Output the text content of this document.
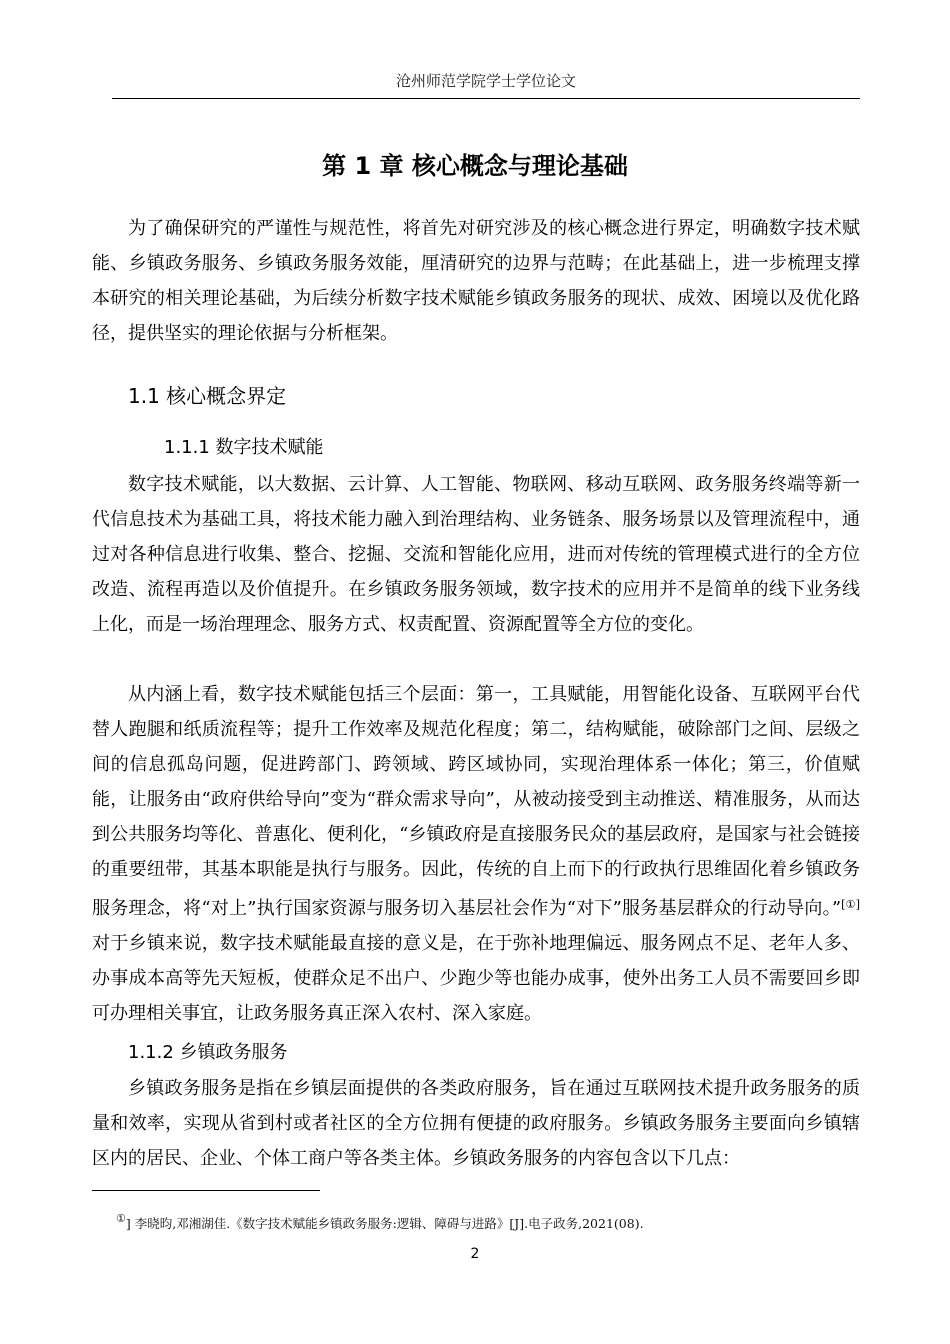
沧州师范学院学士学位论文
第 1 章 核心概念与理论基础

为了确保研究的严谨性与规范性，将首先对研究涉及的核心概念进行界定，明确数字技术赋能、乡镇政务服务、乡镇政务服务效能，厘清研究的边界与范畴；在此基础上，进一步梳理支撑本研究的相关理论基础，为后续分析数字技术赋能乡镇政务服务的现状、成效、困境以及优化路径，提供坚实的理论依据与分析框架。

1.1 核心概念界定
1.1.1 数字技术赋能

数字技术赋能，以大数据、云计算、人工智能、物联网、移动互联网、政务服务终端等新一代信息技术为基础工具，将技术能力融入到治理结构、业务链条、服务场景以及管理流程中，通过对各种信息进行收集、整合、挖掘、交流和智能化应用，进而对传统的管理模式进行的全方位改造、流程再造以及价值提升。在乡镇政务服务领域，数字技术的应用并不是简单的线下业务线上化，而是一场治理理念、服务方式、权责配置、资源配置等全方位的变化。

从内涵上看，数字技术赋能包括三个层面：第一，工具赋能，用智能化设备、互联网平台代替人跑腿和纸质流程等；提升工作效率及规范化程度；第二，结构赋能，破除部门之间、层级之间的信息孤岛问题，促进跨部门、跨领域、跨区域协同，实现治理体系一体化；第三，价值赋能，让服务由“政府供给导向”变为“群众需求导向”，从被动接受到主动推送、精准服务，从而达到公共服务均等化、普惠化、便利化，“乡镇政府是直接服务民众的基层政府，是国家与社会链接的重要纽带，其基本职能是执行与服务。因此，传统的自上而下的行政执行思维固化着乡镇政务服务理念，将“对上”执行国家资源与服务切入基层社会作为“对下”服务基层群众的行动导向。”[①]对于乡镇来说，数字技术赋能最直接的意义是，在于弥补地理偏远、服务网点不足、老年人多、办事成本高等先天短板，使群众足不出户、少跑少等也能办成事，使外出务工人员不需要回乡即可办理相关事宜，让政务服务真正深入农村、深入家庭。

1.1.2 乡镇政务服务

乡镇政务服务是指在乡镇层面提供的各类政府服务，旨在通过互联网技术提升政务服务的质量和效率，实现从省到村或者社区的全方位拥有便捷的政府服务。乡镇政务服务主要面向乡镇辖区内的居民、企业、个体工商户等各类主体。乡镇政务服务的内容包含以下几点：

①] 李晓昀,邓湘湖佳.《数字技术赋能乡镇政务服务:逻辑、障碍与进路》[J].电子政务,2021(08).
2
